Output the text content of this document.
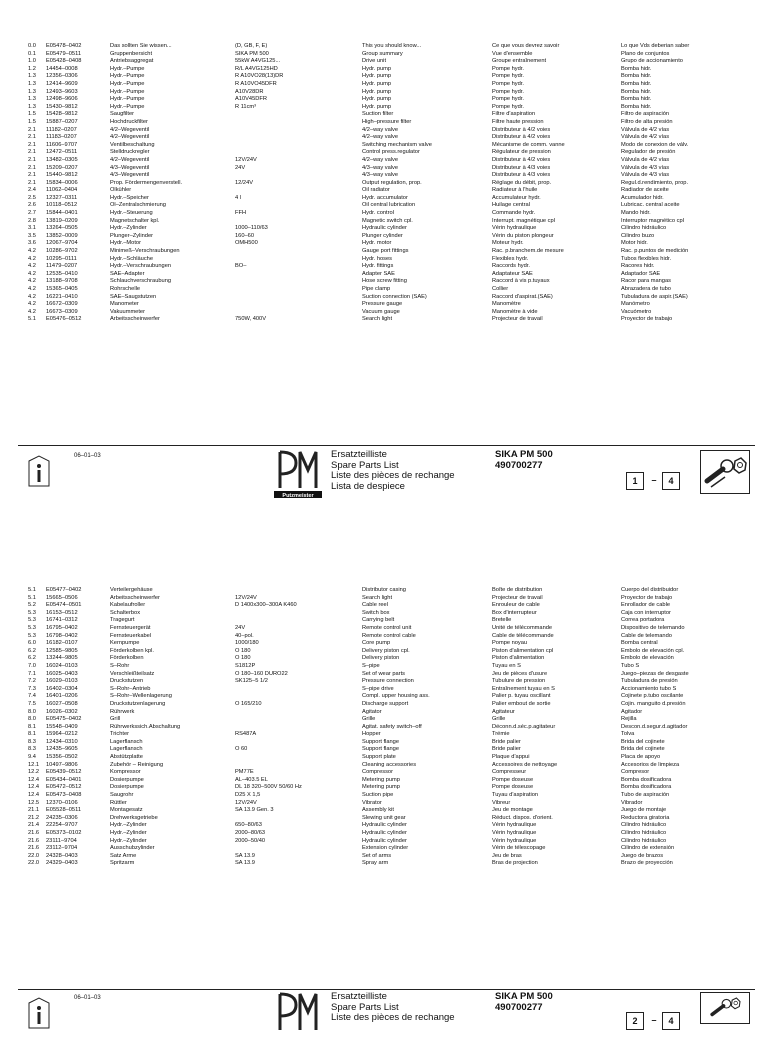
0.0	E05478–0402	Das sollten Sie wissen...	(D, GB, F, E)	This you should know...	Ce que vous devrez savoir	Lo que Vds deberian saber
0.1	E05479–0511	Gruppenbersicht	SIKA PM 500	Group summary	Vue d'ensemble	Plano de conjuntos
1.0	E05428–0408	Antriebsaggregat	55kW A4VG125...	Drive unit	Groupe entraînement	Grupo de accionamiento
1.2	14454–0008	Hydr.–Pumpe	R/L A4VG125HD	Hydr. pump	Pompe hydr.	Bomba hidr.
1.3	12356–0306	Hydr.–Pumpe	R A10VO28(13)DR	Hydr. pump	Pompe hydr.	Bomba hidr.
1.3	12414–9609	Hydr.–Pumpe	R A10VO45DFR	Hydr. pump	Pompe hydr.	Bomba hidr.
1.3	12493–9603	Hydr.–Pumpe	A10V28DR	Hydr. pump	Pompe hydr.	Bomba hidr.
1.3	12498–9606	Hydr.–Pumpe	A10V45DFR	Hydr. pump	Pompe hydr.	Bomba hidr.
1.3	15430–9812	Hydr.–Pumpe	R 11cm³	Hydr. pump	Pompe hydr.	Bomba hidr.
1.5	15428–9812	Saugfilter	Suction filter	Filtre d'aspiration	Filtro de aspiración
1.5	15887–0207	Hochdruckfilter	High–pressure filter	Filtre haute pression	Filtro de alta presión
2.1	11182–0207	4/2–Wegeventil	4/2–way valve	Distributeur à 4/2 voies	Válvula de 4/2 vías
2.1	11183–0207	4/2–Wegeventil	4/2–way valve	Distributeur à 4/2 voies	Válvula de 4/2 vías
2.1	11606–9707	Ventilbeschaltung	Switching mechanism valve	Mécanisme de comm. vanne	Modo de conexion de válv.
2.1	12472–0511	Stelldruckregler	Control press.regulator	Régulateur de pression	Regulador de presión
2.1	13482–0305	4/2–Wegeventil	12V/24V	4/2–way valve	Distributeur à 4/2 voies	Válvula de 4/2 vías
2.1	15209–0207	4/3–Wegeventil	24V	4/3–way valve	Distributeur à 4/3 voies	Válvula de 4/3 vías
2.1	15440–9812	4/3–Wegeventil	4/3–way valve	Distributeur à 4/3 voies	Válvula de 4/3 vías
2.1	15834–0006	Prop. Fördermengenverstell.	12/24V	Output regulation, prop.	Réglage du débit, prop.	Regul.d.rendimiento, prop.
2.4	11062–0404	Ölkühler	Oil radiator	Radiateur à l'huile	Radiador de aceite
2.5	12327–0311	Hydr.–Speicher	4 l	Hydr. accumulator	Accumulateur hydr.	Acumulador hidr.
2.6	10118–0512	Öl–Zentralschmierung	Oil central lubrication	Huilage central	Lubricac. central aceite
2.7	15844–0401	Hydr.–Steuerung	FFH	Hydr. control	Commande hydr.	Mando hidr.
2.8	13819–0209	Magnetschalter kpl.	Magnetic switch cpl.	Interrupt. magnétique cpl	Interruptor magnético cpl
3.1	13264–0505	Hydr.–Zylinder	1000–110/63	Hydraulic cylinder	Vérin hydraulique	Cilindro hidráulico
3.5	13852–0009	Plunger–Zylinder	160–60	Plunger cylinder	Vérin du piston plongeur	Cilindro buzo
3.6	12067–9704	Hydr.–Motor	OMH500	Hydr. motor	Moteur hydr.	Motor hidr.
4.2	10286–9702	Minimeß–Verschraubungen	Gauge port fittings	Rac. p.branchem.de mesure	Rac. p.puntos de medición
4.2	10295–0111	Hydr.–Schläuche	Hydr. hoses	Flexibles hydr.	Tubos flexibles hidr.
4.2	11479–0207	Hydr.–Verschraubungen	BO–	Hydr. fittings	Raccords hydr.	Racores hidr.
4.2	12535–0410	SAE–Adapter	Adapter SAE	Adaptateur SAE	Adaptador SAE
4.2	13188–9708	Schlauchverschraubung	Hose screw fitting	Raccord à vis p.tuyaux	Racor para mangas
4.2	15365–0405	Rohrschelle	Pipe clamp	Collier	Abrazadera de tubo
4.2	16221–0410	SAE–Saugstutzen	Suction connection (SAE)	Raccord d'aspirat.(SAE)	Tubuladura de aspir.(SAE)
4.2	16672–0309	Manometer	Pressure gauge	Manomètre	Manómetro
4.2	16673–0309	Vakuummeter	Vacuum gauge	Manomètre à vide	Vacuómetro
5.1	E05476–0512	Arbeitsscheinwerfer	750W, 400V	Search light	Projecteur de travail	Proyector de trabajo
06–01–03
Putzmeister
Ersatzteilliste
Spare Parts List
Liste des pièces de rechange
Lista de despiece
SIKA PM 500
490700277
1	–	4
5.1	E05477–0402	Verteilergehäuse	Distributor casing	Boîte de distribution	Cuerpo del distribuidor
5.1	15665–0506	Arbeitsscheinwerfer	12V/24V	Search light	Projecteur de travail	Proyector de trabajo
5.2	E05474–0501	Kabelaufroller	D 1400x300–300A K460	Cable reel	Enrouleur de cable	Enrollador de cable
5.3	16153–0512	Schalterbox	Switch box	Box d'interrupteur	Caja con interruptor
5.3	16741–0312	Tragegurt	Carrying belt	Bretelle	Correa portadora
5.3	16795–0402	Fernsteuergerät	24V	Remote control unit	Unité de télécommande	Dispositivo de telemando
5.3	16798–0402	Fernsteuerkabel	40–pol.	Remote control cable	Cable de télécommande	Cable de telemando
6.0	16182–0107	Kernpumpe	1000/180	Core pump	Pompe noyau	Bomba central
6.2	12585–9805	Förderkolben kpl.	O 180	Delivery piston cpl.	Piston d'alimentation cpl	Embolo de elevación cpl.
6.2	13244–9805	Förderkolben	O 180	Delivery piston	Piston d'alimentation	Embolo de elevación
7.0	16024–0103	S–Rohr	S1812P	S–pipe	Tuyau en S	Tubo S
7.1	16025–0403	Verschleißteilsatz	O 180–160 DURO22	Set of wear parts	Jeu de pièces d'usure	Juego–piezas de desgaste
7.2	16029–0103	Druckstutzen	SK125–5 1/2	Pressure connection	Tubulure de pression	Tubuladura de presión
7.3	16402–0304	S–Rohr–Antrieb	S–pipe drive	Entraînement tuyau en S	Accionamiento tubo S
7.4	16401–0206	S–Rohr–Wellenlagerung	Compl. upper housing ass.	Palier p. tuyau oscillant	Cojinete p.tubo oscilante
7.5	16027–0508	Druckstutzenlagerung	O 165/210	Discharge support	Palier embout de sortie	Cojin. manguito d.presión
8.0	16026–0302	Rührwerk	Agitator	Agitateur	Agitador
8.0	E05475–0402	Grill	Grille	Grille	Rejilla
8.1	15548–0409	Rührwerkssich.Abschaltung	Agitat. safety switch–off	Déconn.d.séc.p.agitateur	Descon.d.segur.d.agitador
8.1	15964–0212	Trichter	RS487A	Hopper	Trémie	Tolva
8.3	12434–0310	Lagerflansch	Support flange	Bride palier	Brida del cojinete
8.3	12435–9605	Lagerflansch	O 60	Support flange	Bride palier	Brida del cojinete
9.4	15356–0502	Abstützplatte	Support plate	Plaque d'appui	Placa de apoyo
12.1	10497–9806	Zubehör – Reinigung	Cleaning accessories	Accessoires de nettoyage	Accesorios de limpieza
12.2	E05439–0512	Kompressor	PM77E	Compressor	Compresseur	Compresor
12.4	E05434–0401	Dosierpumpe	AL–403.5 EL	Metering pump	Pompe doseuse	Bomba dosificadora
12.4	E05472–0512	Dosierpumpe	DL 18 320–500V 50/60 Hz	Metering pump	Pompe doseuse	Bomba dosificadora
12.4	E05473–0408	Saugrohr	D25 X 1,5	Suction pipe	Tuyau d'aspiration	Tubo de aspiración
12.5	12370–0106	Rüttler	12V/24V	Vibrator	Vibreur	Vibrador
21.1	E05528–0511	Montagesatz	SA 13.9 Gen. 3	Assembly kit	Jeu de montage	Juego de montaje
21.2	24235–0306	Drehwerksgetriebe	Slewing unit gear	Réduct. dispos. d'orient.	Reductora giratoria
21.4	22254–9707	Hydr.–Zylinder	650–80/63	Hydraulic cylinder	Vérin hydraulique	Cilindro hidráulico
21.6	E05373–0102	Hydr.–Zylinder	2000–80/63	Hydraulic cylinder	Vérin hydraulique	Cilindro hidráulico
21.6	23111–9704	Hydr.–Zylinder	2000–50/40	Hydraulic cylinder	Vérin hydraulique	Cilindro hidráulico
21.6	23112–9704	Ausschubzylinder	Extension cylinder	Vérin de télescopage	Cilindro de extensión
22.0	24328–0403	Satz Arme	SA 13.9	Set of arms	Jeu de bras	Juego de brazos
22.0	24329–0403	Spritzarm	SA 13.9	Spray arm	Bras de projection	Brazo de proyección
06–01–03	Ersatzteilliste
Spare Parts List
Liste des pièces de rechange
SIKA PM 500
490700277
2	–	4
